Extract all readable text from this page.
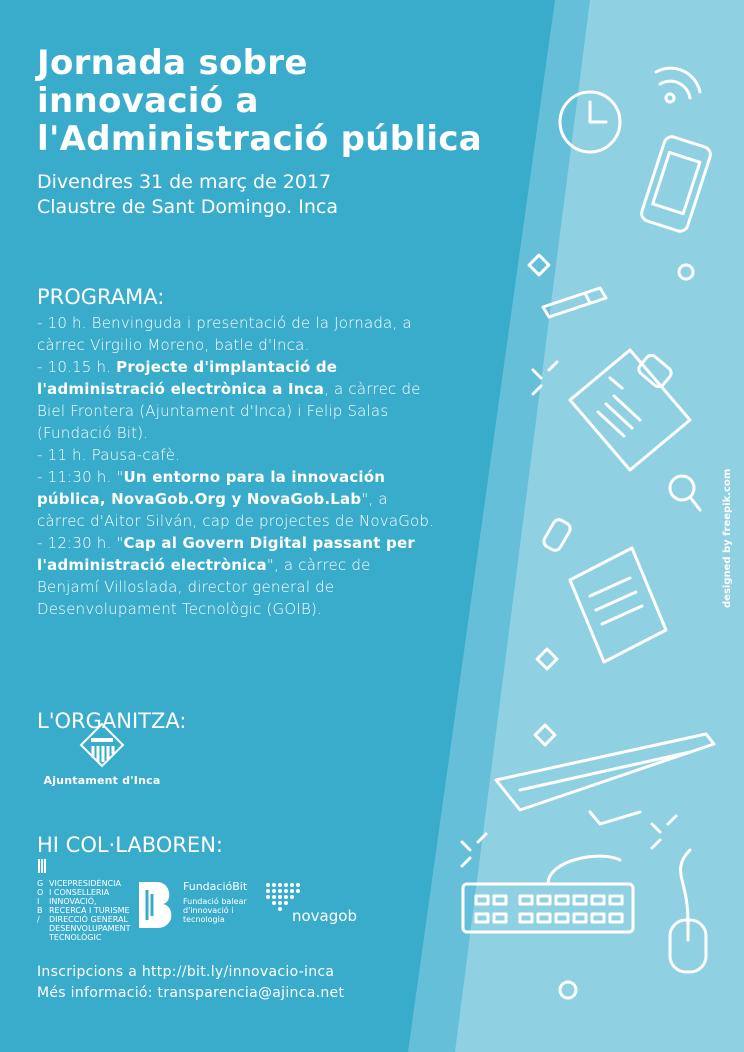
Jornada sobre
innovació a
l'Administració pública
Divendres 31 de març de 2017
Claustre de Sant Domingo. Inca
PROGRAMA:
- 10 h. Benvinguda i presentació de la Jornada, a càrrec Virgilio Moreno, batle d'Inca.
- 10.15 h. Projecte d'implantació de l'administració electrònica a Inca, a càrrec de Biel Frontera (Ajuntament d'Inca) i Felip Salas (Fundació Bit).
- 11 h. Pausa-cafè.
- 11:30 h. "Un entorno para la innovación pública, NovaGob.Org y NovaGob.Lab", a càrrec d'Aitor Silván, cap de projectes de NovaGob.
- 12:30 h. "Cap al Govern Digital passant per l'administració electrònica", a càrrec de Benjamí Villoslada, director general de Desenvolupament Tecnològic (GOIB).
L'ORGANITZA:
Ajuntament d'Inca
HI COL·LABOREN:
G VICEPRESIDÈNCIA
O I CONSELLERIA
I	INNOVACIÓ,
B RECERCA I TURISME
/	DIRECCIÓ GENERAL
DESENVOLUPAMENT
TECNOLÒGIC
FundacióBit
Fundació balear d'innovació i tecnologia	novagob
Inscripcions a http://bit.ly/innovacio-inca
Més informació: transparencia@ajinca.net
designed by freepik.com
